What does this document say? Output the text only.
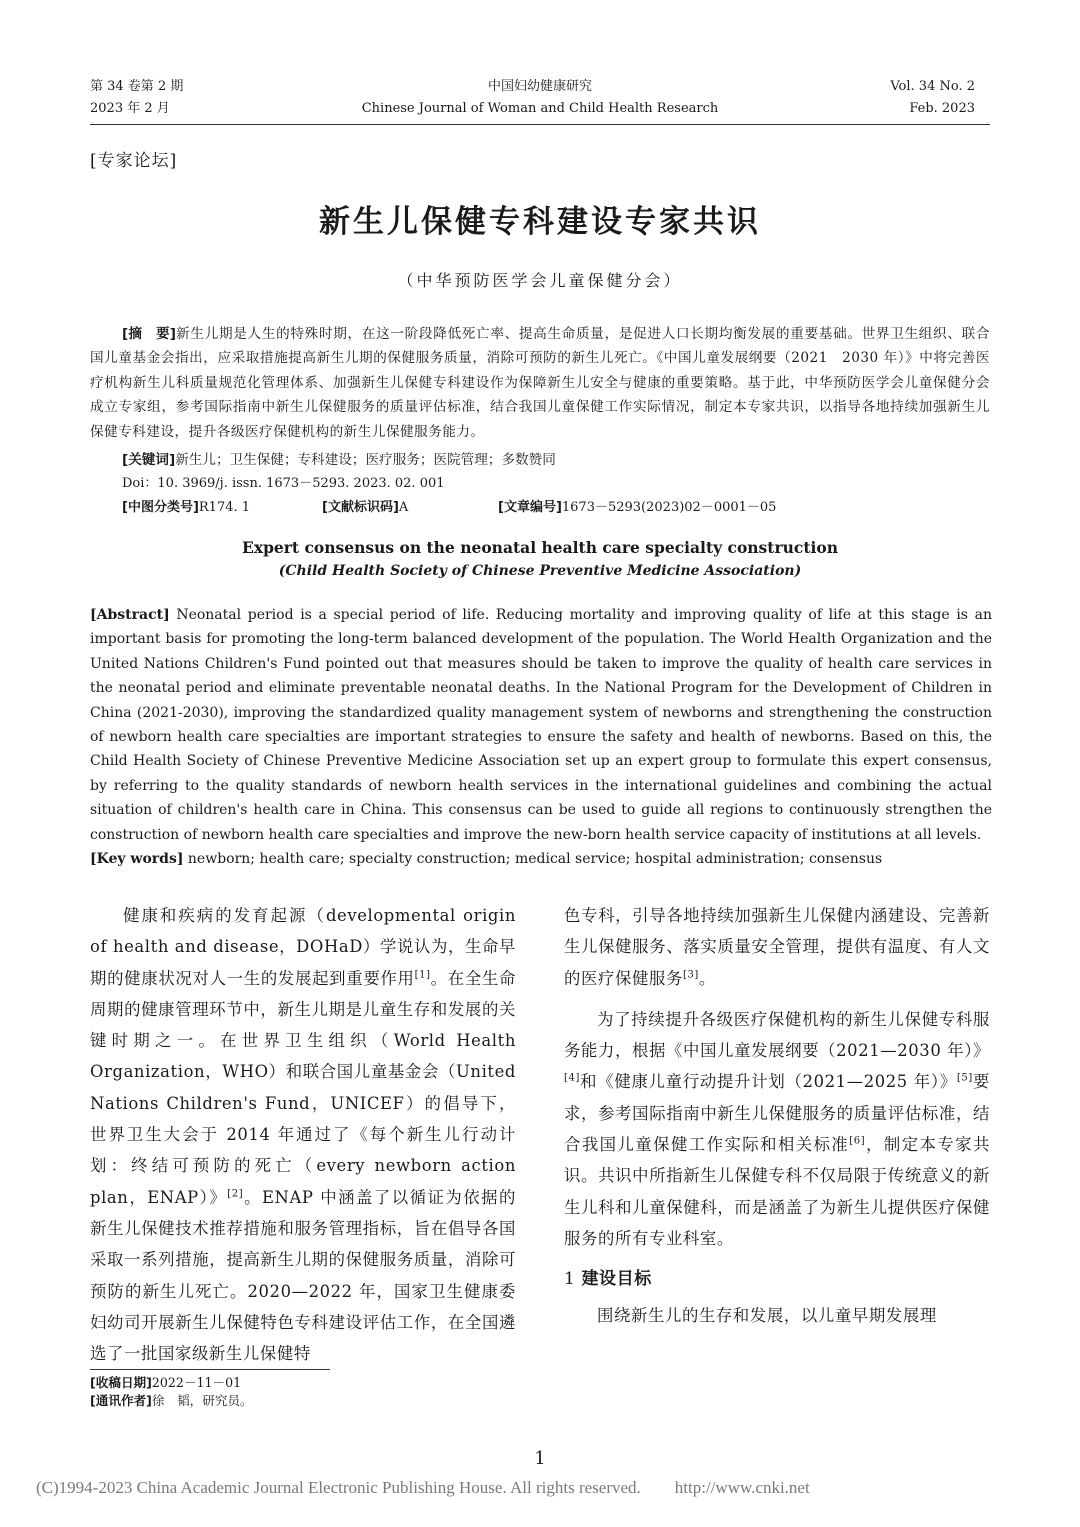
第 34 卷第 2 期
2023 年 2 月
中国妇幼健康研究
Chinese Journal of Woman and Child Health Research
Vol. 34 No. 2
Feb. 2023
[专家论坛]
新生儿保健专科建设专家共识
（中华预防医学会儿童保健分会）
[摘　要]新生儿期是人生的特殊时期，在这一阶段降低死亡率、提高生命质量，是促进人口长期均衡发展的重要基础。世界卫生组织、联合国儿童基金会指出，应采取措施提高新生儿期的保健服务质量，消除可预防的新生儿死亡。《中国儿童发展纲要（2021　2030 年）》中将完善医疗机构新生儿科质量规范化管理体系、加强新生儿保健专科建设作为保障新生儿安全与健康的重要策略。基于此，中华预防医学会儿童保健分会成立专家组，参考国际指南中新生儿保健服务的质量评估标准，结合我国儿童保健工作实际情况，制定本专家共识，以指导各地持续加强新生儿保健专科建设，提升各级医疗保健机构的新生儿保健服务能力。
[关键词]新生儿；卫生保健；专科建设；医疗服务；医院管理；多数赞同
Doi：10. 3969/j. issn. 1673－5293. 2023. 02. 001
[中图分类号]R174. 1	[文献标识码]A	[文章编号]1673－5293(2023)02－0001－05
Expert consensus on the neonatal health care specialty construction
(Child Health Society of Chinese Preventive Medicine Association)
[Abstract] Neonatal period is a special period of life. Reducing mortality and improving quality of life at this stage is an important basis for promoting the long-term balanced development of the population. The World Health Organization and the United Nations Children's Fund pointed out that measures should be taken to improve the quality of health care services in the neonatal period and eliminate preventable neonatal deaths. In the National Program for the Development of Children in China (2021-2030), improving the standardized quality management system of newborns and strengthening the construction of newborn health care specialties are important strategies to ensure the safety and health of newborns. Based on this, the Child Health Society of Chinese Preventive Medicine Association set up an expert group to formulate this expert consensus, by referring to the quality standards of newborn health services in the international guidelines and combining the actual situation of children's health care in China. This consensus can be used to guide all regions to continuously strengthen the construction of newborn health care specialties and improve the new-born health service capacity of institutions at all levels.
[Key words] newborn; health care; specialty construction; medical service; hospital administration; consensus

健康和疾病的发育起源（developmental origin of health and disease，DOHaD）学说认为，生命早期的健康状况对人一生的发展起到重要作用[1]。在全生命周期的健康管理环节中，新生儿期是儿童生存和发展的关键时期之一。在世界卫生组织（World Health Organization，WHO）和联合国儿童基金会（United Nations Children's Fund，UNICEF）的倡导下，世界卫生大会于 2014 年通过了《每个新生儿行动计划：终结可预防的死亡（every newborn action plan，ENAP）》[2]。ENAP 中涵盖了以循证为依据的新生儿保健技术推荐措施和服务管理指标，旨在倡导各国采取一系列措施，提高新生儿期的保健服务质量，消除可预防的新生儿死亡。2020—2022 年，国家卫生健康委妇幼司开展新生儿保健特色专科建设评估工作，在全国遴选了一批国家级新生儿保健特

色专科，引导各地持续加强新生儿保健内涵建设、完善新生儿保健服务、落实质量安全管理，提供有温度、有人文的医疗保健服务[3]。

为了持续提升各级医疗保健机构的新生儿保健专科服务能力，根据《中国儿童发展纲要（2021—2030 年）》[4]和《健康儿童行动提升计划（2021—2025 年）》[5]要求，参考国际指南中新生儿保健服务的质量评估标准，结合我国儿童保健工作实际和相关标准[6]，制定本专家共识。共识中所指新生儿保健专科不仅局限于传统意义的新生儿科和儿童保健科，而是涵盖了为新生儿提供医疗保健服务的所有专业科室。

1 建设目标

围绕新生儿的生存和发展，以儿童早期发展理

[收稿日期]2022－11－01
[通讯作者]徐　韬，研究员。
1
(C)1994-2023 China Academic Journal Electronic Publishing House. All rights reserved.　　http://www.cnki.net
